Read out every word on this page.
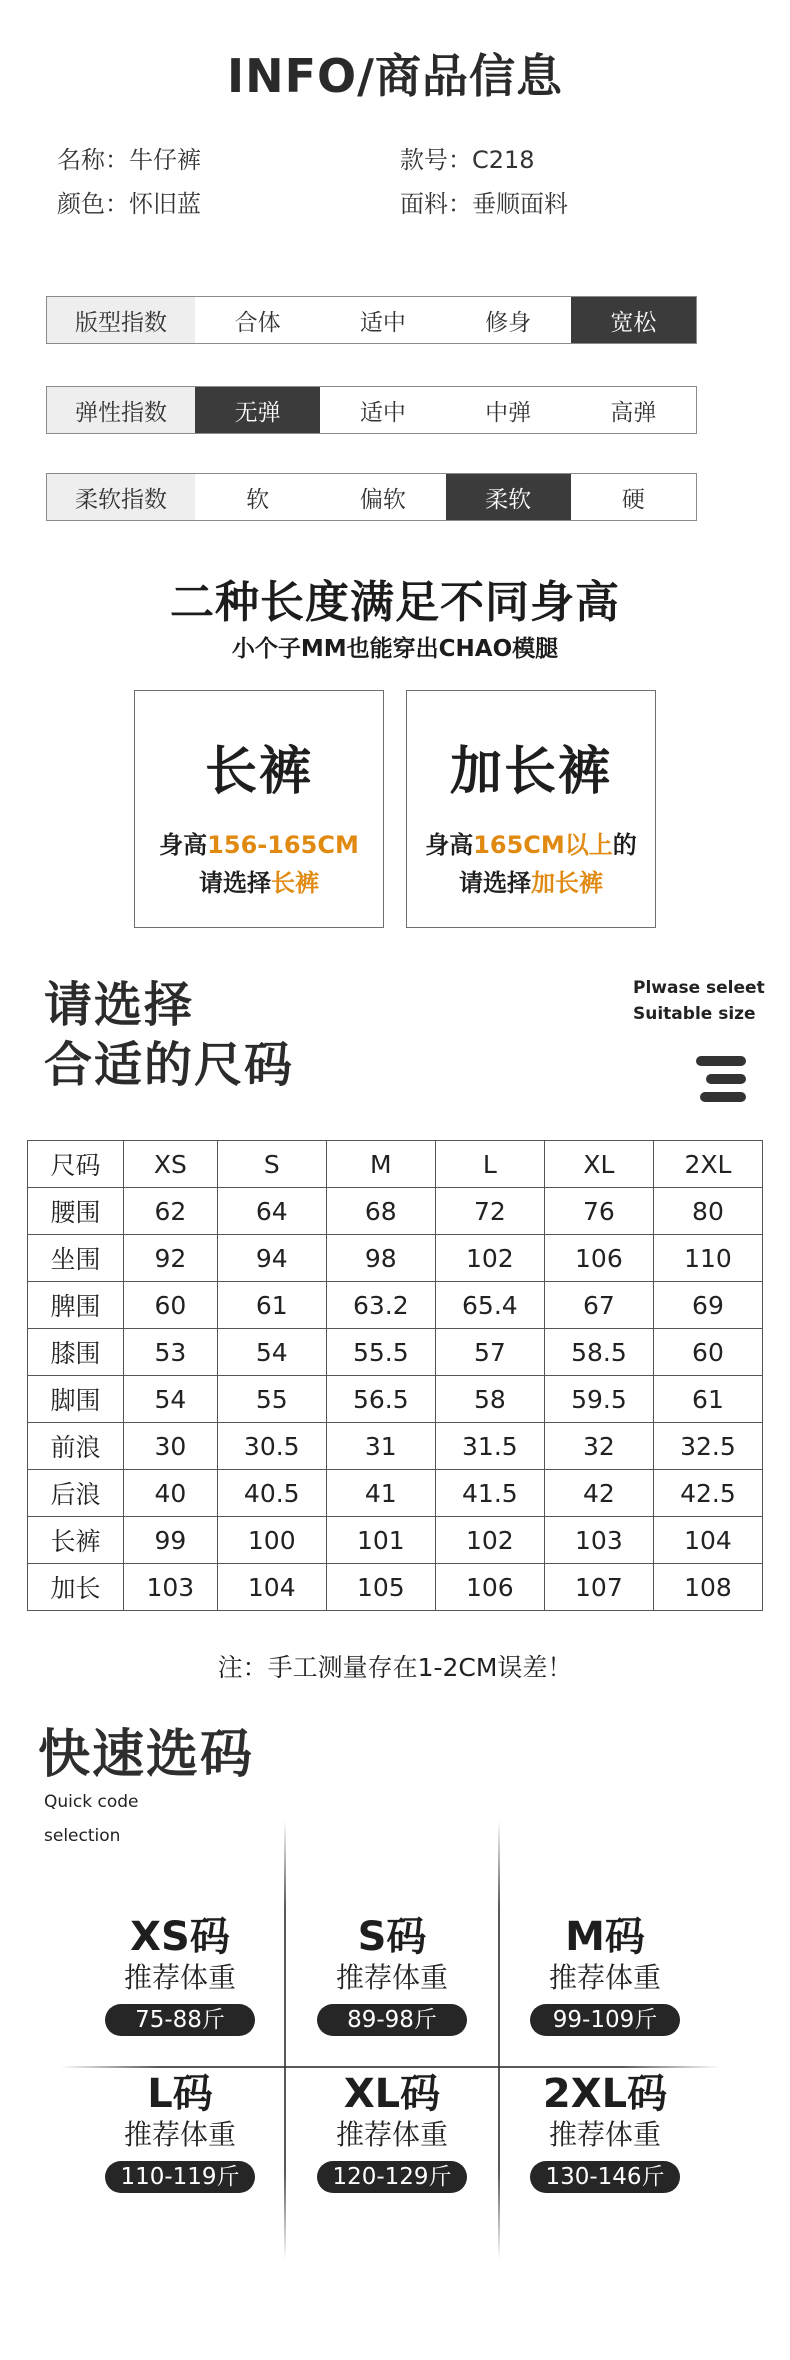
INFO/商品信息
名称：牛仔裤	款号：C218
颜色：怀旧蓝	面料：垂顺面料
版型指数	合体	适中	修身	宽松
弹性指数	无弹	适中	中弹	高弹
柔软指数	软	偏软	柔软	硬
二种长度满足不同身高
小个子MM也能穿出CHAO模腿
长裤
身高156-165CM
请选择长裤
加长裤
身高165CM以上的
请选择加长裤
请选择
合适的尺码
Plwase seleet
Suitable size
尺码	XS	S	M	L	XL	2XL
腰围	62	64	68	72	76	80
坐围	92	94	98	102	106	110
脾围	60	61	63.2	65.4	67	69
膝围	53	54	55.5	57	58.5	60
脚围	54	55	56.5	58	59.5	61
前浪	30	30.5	31	31.5	32	32.5
后浪	40	40.5	41	41.5	42	42.5
长裤	99	100	101	102	103	104
加长	103	104	105	106	107	108
注：手工测量存在1-2CM误差！
快速选码
Quick code
selection
XS码
推荐体重
75-88斤
S码
推荐体重
89-98斤
M码
推荐体重
99-109斤
L码
推荐体重
110-119斤
XL码
推荐体重
120-129斤
2XL码
推荐体重
130-146斤
